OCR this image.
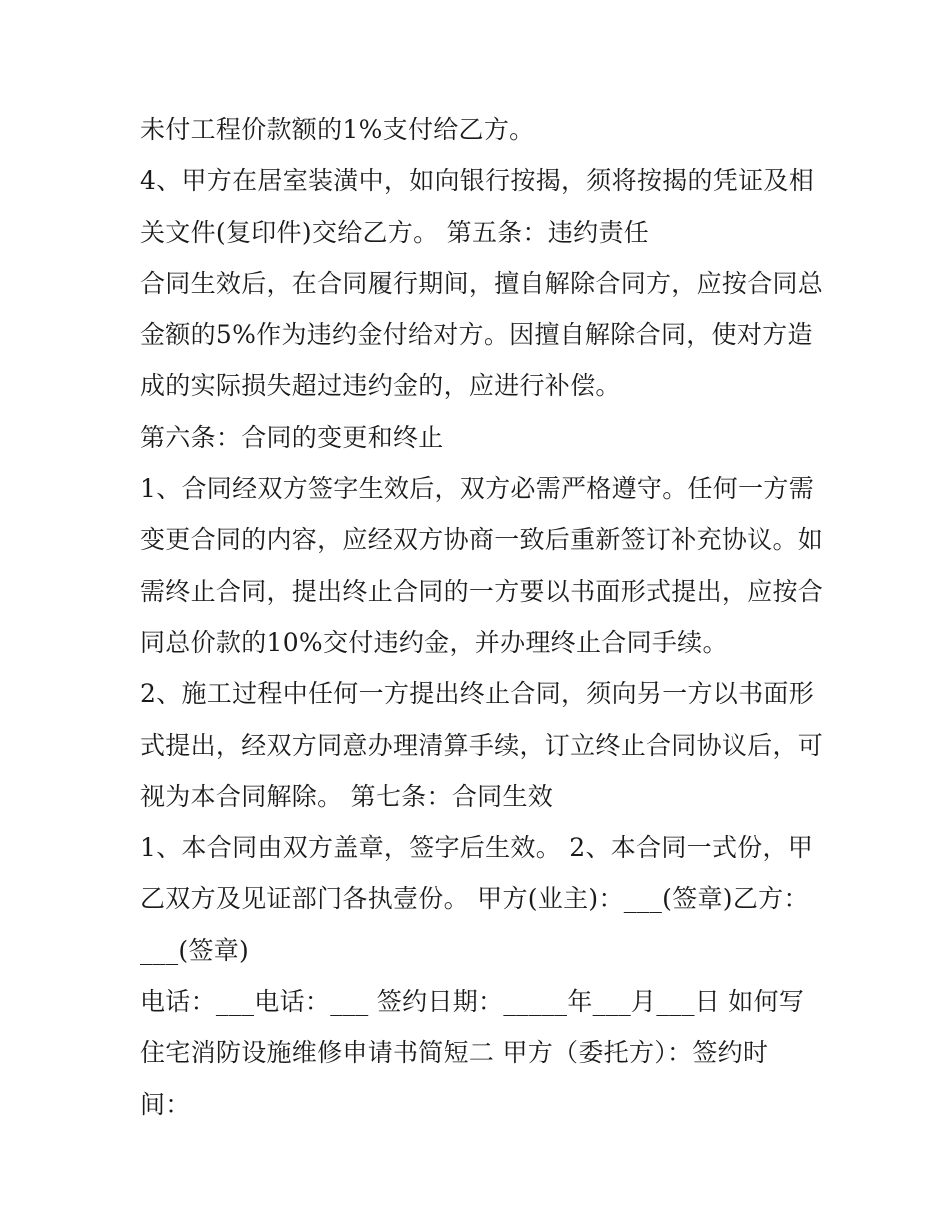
未付工程价款额的1%支付给乙方。
4、甲方在居室装潢中，如向银行按揭，须将按揭的凭证及相
关文件(复印件)交给乙方。 第五条：违约责任
合同生效后，在合同履行期间，擅自解除合同方，应按合同总
金额的5%作为违约金付给对方。因擅自解除合同，使对方造
成的实际损失超过违约金的，应进行补偿。
第六条：合同的变更和终止
1、合同经双方签字生效后，双方必需严格遵守。任何一方需
变更合同的内容，应经双方协商一致后重新签订补充协议。如
需终止合同，提出终止合同的一方要以书面形式提出，应按合
同总价款的10%交付违约金，并办理终止合同手续。
2、施工过程中任何一方提出终止合同，须向另一方以书面形
式提出，经双方同意办理清算手续，订立终止合同协议后，可
视为本合同解除。 第七条：合同生效
1、本合同由双方盖章，签字后生效。 2、本合同一式份，甲
乙双方及见证部门各执壹份。 甲方(业主)：___(签章)乙方：
___(签章)
电话：___电话：___ 签约日期：_____年___月___日 如何写
住宅消防设施维修申请书简短二 甲方（委托方）：签约时
间：
